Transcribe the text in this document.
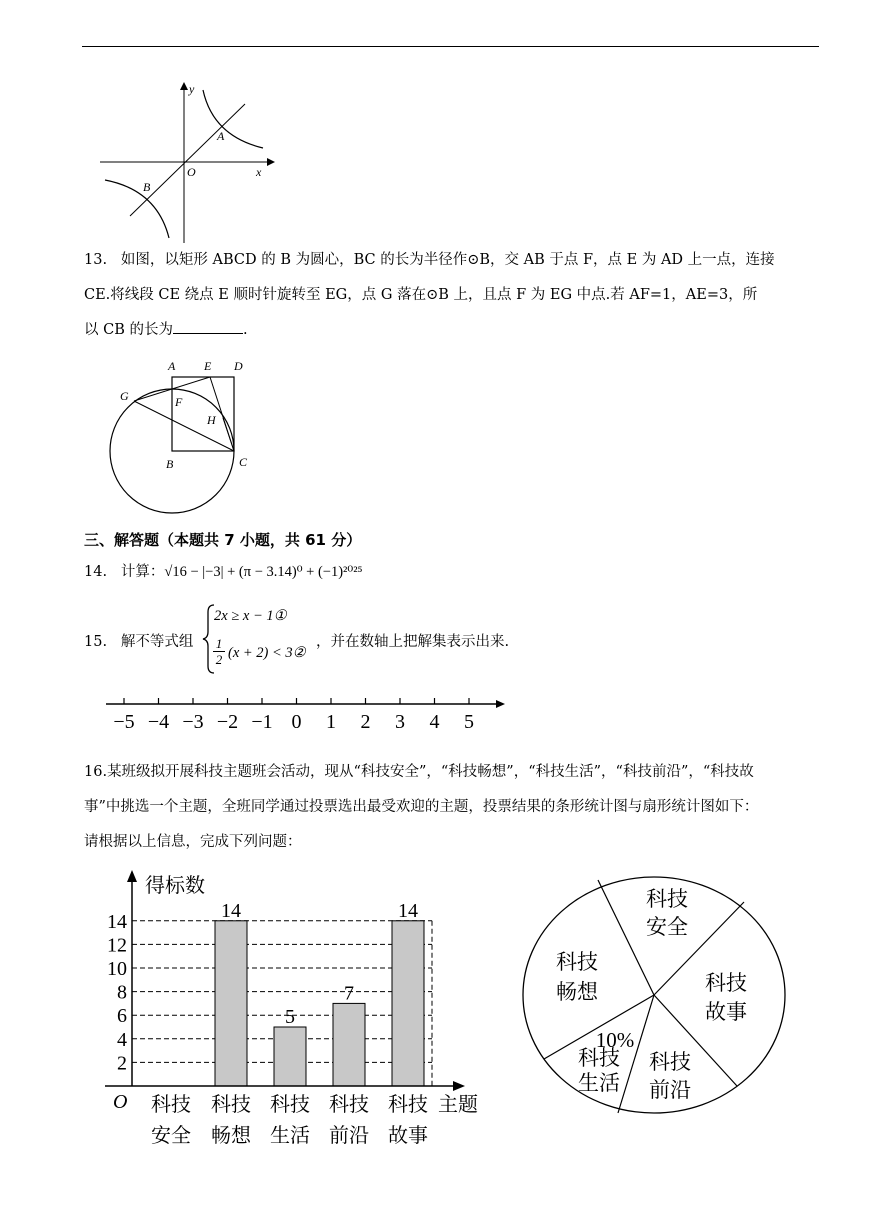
y
x
O
A
B
13. 如图，以矩形 ABCD 的 B 为圆心，BC 的长为半径作⊙B，交 AB 于点 F，点 E 为 AD 上一点，连接
CE.将线段 CE 绕点 E 顺时针旋转至 EG，点 G 落在⊙B 上，且点 F 为 EG 中点.若 AF=1，AE=3，所
以 CB 的长为	.
A E D
G	F
H
B	C
三、解答题（本题共 7 小题，共 61 分）
14. 计算：√16 − |−3| + (π − 3.14)⁰ + (−1)²⁰²⁵
15. 解不等式组
2x ≥ x − 1①
$\frac{1}{2} (x + 2)$ < 3②
，并在数轴上把解集表示出来.
−5 −4 −3 −2 −1 0 1 2 3 4 5
16.某班级拟开展科技主题班会活动，现从“科技安全”，“科技畅想”，“科技生活”，“科技前沿”，“科技故
事”中挑选一个主题，全班同学通过投票选出最受欢迎的主题，投票结果的条形统计图与扇形统计图如下：
请根据以上信息，完成下列问题：
得标数
O	主题
2
4
6
8
10
12
14
科技
安全
科技
畅想
科技
生活
科技
前沿
科技
故事
14
5
7
14	科技
安全
科技
故事
科技
前沿
10%
科技
生活
科技
畅想
